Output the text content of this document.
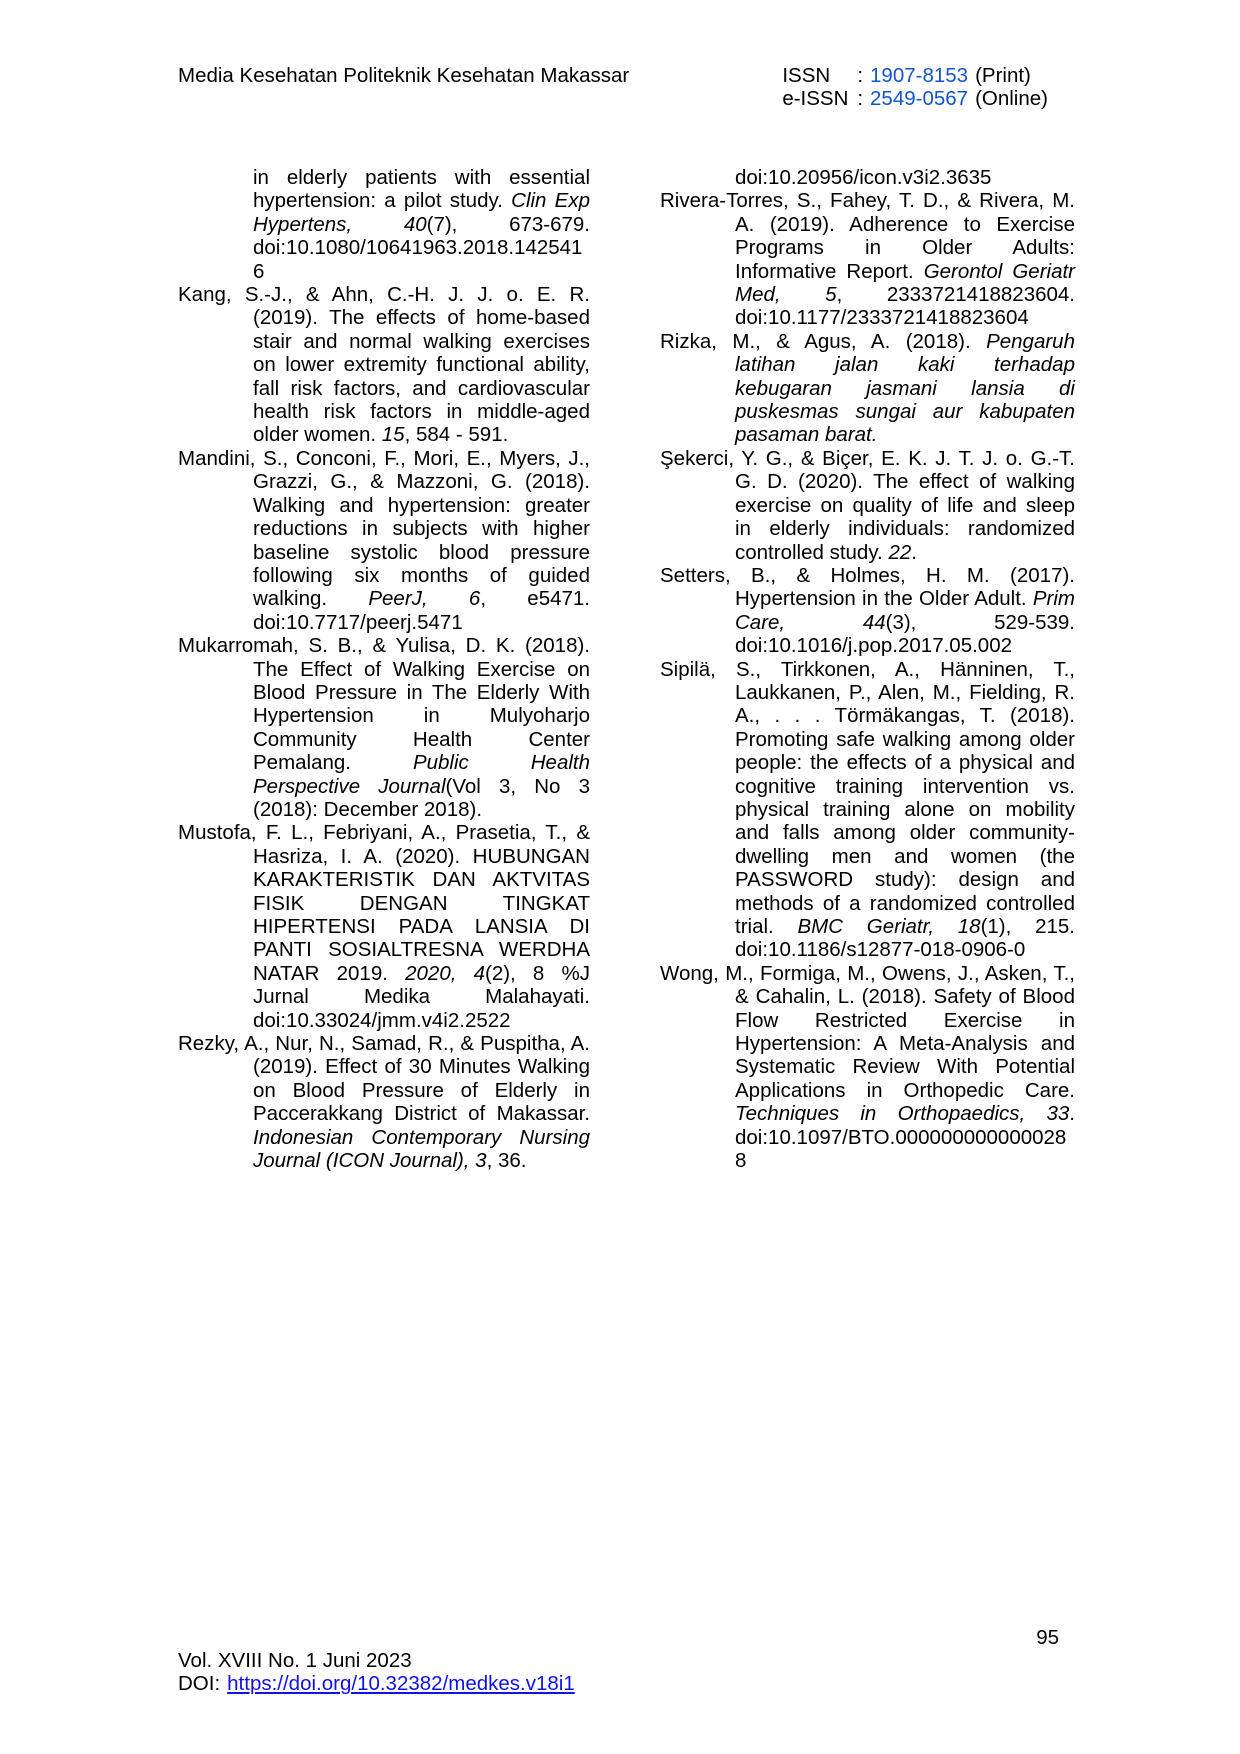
Media Kesehatan Politeknik Kesehatan Makassar	ISSN : 1907-8153 (Print)
e-ISSN : 2549-0567 (Online)

in elderly patients with essential hypertension: a pilot study. Clin Exp Hypertens, 40(7), 673-679. doi:10.1080/10641963.2018.1425416

Kang, S.-J., & Ahn, C.-H. J. J. o. E. R. (2019). The effects of home-based stair and normal walking exercises on lower extremity functional ability, fall risk factors, and cardiovascular health risk factors in middle-aged older women. 15, 584 - 591.

Mandini, S., Conconi, F., Mori, E., Myers, J., Grazzi, G., & Mazzoni, G. (2018). Walking and hypertension: greater reductions in subjects with higher baseline systolic blood pressure following six months of guided walking. PeerJ, 6, e5471. doi:10.7717/peerj.5471

Mukarromah, S. B., & Yulisa, D. K. (2018). The Effect of Walking Exercise on Blood Pressure in The Elderly With Hypertension in Mulyoharjo Community Health Center Pemalang. Public Health Perspective Journal(Vol 3, No 3 (2018): December 2018).

Mustofa, F. L., Febriyani, A., Prasetia, T., & Hasriza, I. A. (2020). HUBUNGAN KARAKTERISTIK DAN AKTVITAS FISIK DENGAN TINGKAT HIPERTENSI PADA LANSIA DI PANTI SOSIALTRESNA WERDHA NATAR 2019. 2020, 4(2), 8 %J Jurnal Medika Malahayati. doi:10.33024/jmm.v4i2.2522

Rezky, A., Nur, N., Samad, R., & Puspitha, A. (2019). Effect of 30 Minutes Walking on Blood Pressure of Elderly in Paccerakkang District of Makassar. Indonesian Contemporary Nursing Journal (ICON Journal), 3, 36.

doi:10.20956/icon.v3i2.3635

Rivera-Torres, S., Fahey, T. D., & Rivera, M. A. (2019). Adherence to Exercise Programs in Older Adults: Informative Report. Gerontol Geriatr Med, 5, 2333721418823604. doi:10.1177/2333721418823604

Rizka, M., & Agus, A. (2018). Pengaruh latihan jalan kaki terhadap kebugaran jasmani lansia di puskesmas sungai aur kabupaten pasaman barat.

Şekerci, Y. G., & Biçer, E. K. J. T. J. o. G.-T. G. D. (2020). The effect of walking exercise on quality of life and sleep in elderly individuals: randomized controlled study. 22.

Setters, B., & Holmes, H. M. (2017). Hypertension in the Older Adult. Prim Care, 44(3), 529-539. doi:10.1016/j.pop.2017.05.002

Sipilä, S., Tirkkonen, A., Hänninen, T., Laukkanen, P., Alen, M., Fielding, R. A., . . . Törmäkangas, T. (2018). Promoting safe walking among older people: the effects of a physical and cognitive training intervention vs. physical training alone on mobility and falls among older community-dwelling men and women (the PASSWORD study): design and methods of a randomized controlled trial. BMC Geriatr, 18(1), 215. doi:10.1186/s12877-018-0906-0

Wong, M., Formiga, M., Owens, J., Asken, T., & Cahalin, L. (2018). Safety of Blood Flow Restricted Exercise in Hypertension: A Meta-Analysis and Systematic Review With Potential Applications in Orthopedic Care. Techniques in Orthopaedics, 33. doi:10.1097/BTO.0000000000000288

95
Vol. XVIII No. 1 Juni 2023
DOI: https://doi.org/10.32382/medkes.v18i1
